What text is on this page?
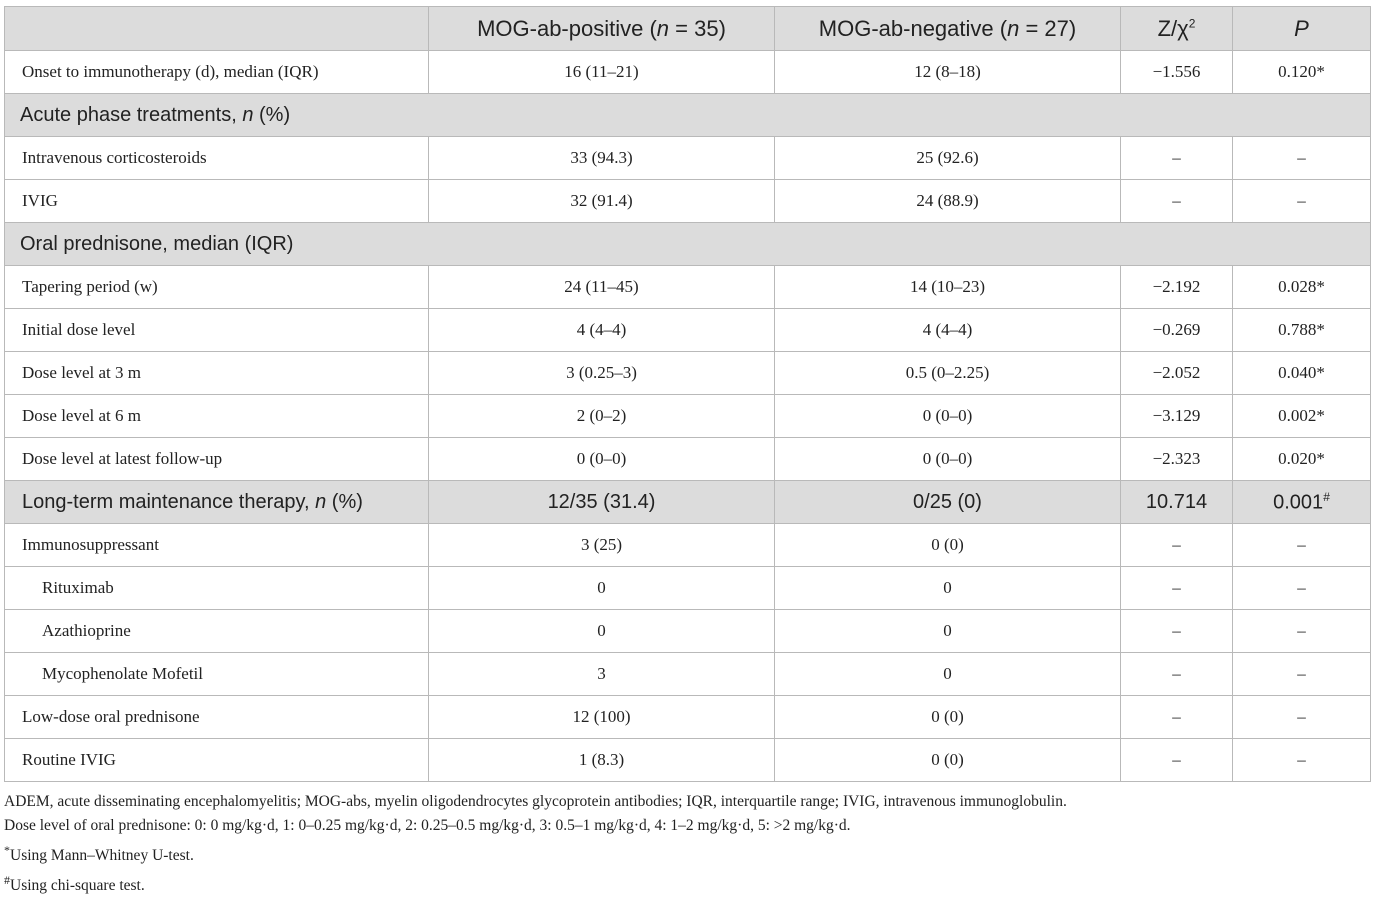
	MOG-ab-positive (n = 35)	MOG-ab-negative (n = 27)	$Z/\chi^2$	P
Onset to immunotherapy (d), median (IQR)	16 (11–21)	12 (8–18)	−1.556	0.120*
Acute phase treatments, n (%)				
Intravenous corticosteroids	33 (94.3)	25 (92.6)	–	–
IVIG	32 (91.4)	24 (88.9)	–	–
Oral prednisone, median (IQR)				
Tapering period (w)	24 (11–45)	14 (10–23)	−2.192	0.028*
Initial dose level	4 (4–4)	4 (4–4)	−0.269	0.788*
Dose level at 3 m	3 (0.25–3)	0.5 (0–2.25)	−2.052	0.040*
Dose level at 6 m	2 (0–2)	0 (0–0)	−3.129	0.002*
Dose level at latest follow-up	0 (0–0)	0 (0–0)	−2.323	0.020*
Long-term maintenance therapy, n (%)	12/35 (31.4)	0/25 (0)	10.714	0.001#
Immunosuppressant	3 (25)	0 (0)	–	–
Rituximab	0	0	–	–
Azathioprine	0	0	–	–
Mycophenolate Mofetil	3	0	–	–
Low-dose oral prednisone	12 (100)	0 (0)	–	–
Routine IVIG	1 (8.3)	0 (0)	–	–
ADEM, acute disseminating encephalomyelitis; MOG-abs, myelin oligodendrocytes glycoprotein antibodies; IQR, interquartile range; IVIG, intravenous immunoglobulin.
Dose level of oral prednisone: 0: 0 mg/kg·d, 1: 0–0.25 mg/kg·d, 2: 0.25–0.5 mg/kg·d, 3: 0.5–1 mg/kg·d, 4: 1–2 mg/kg·d, 5: >2 mg/kg·d.
*Using Mann–Whitney U-test.
#Using chi-square test.
